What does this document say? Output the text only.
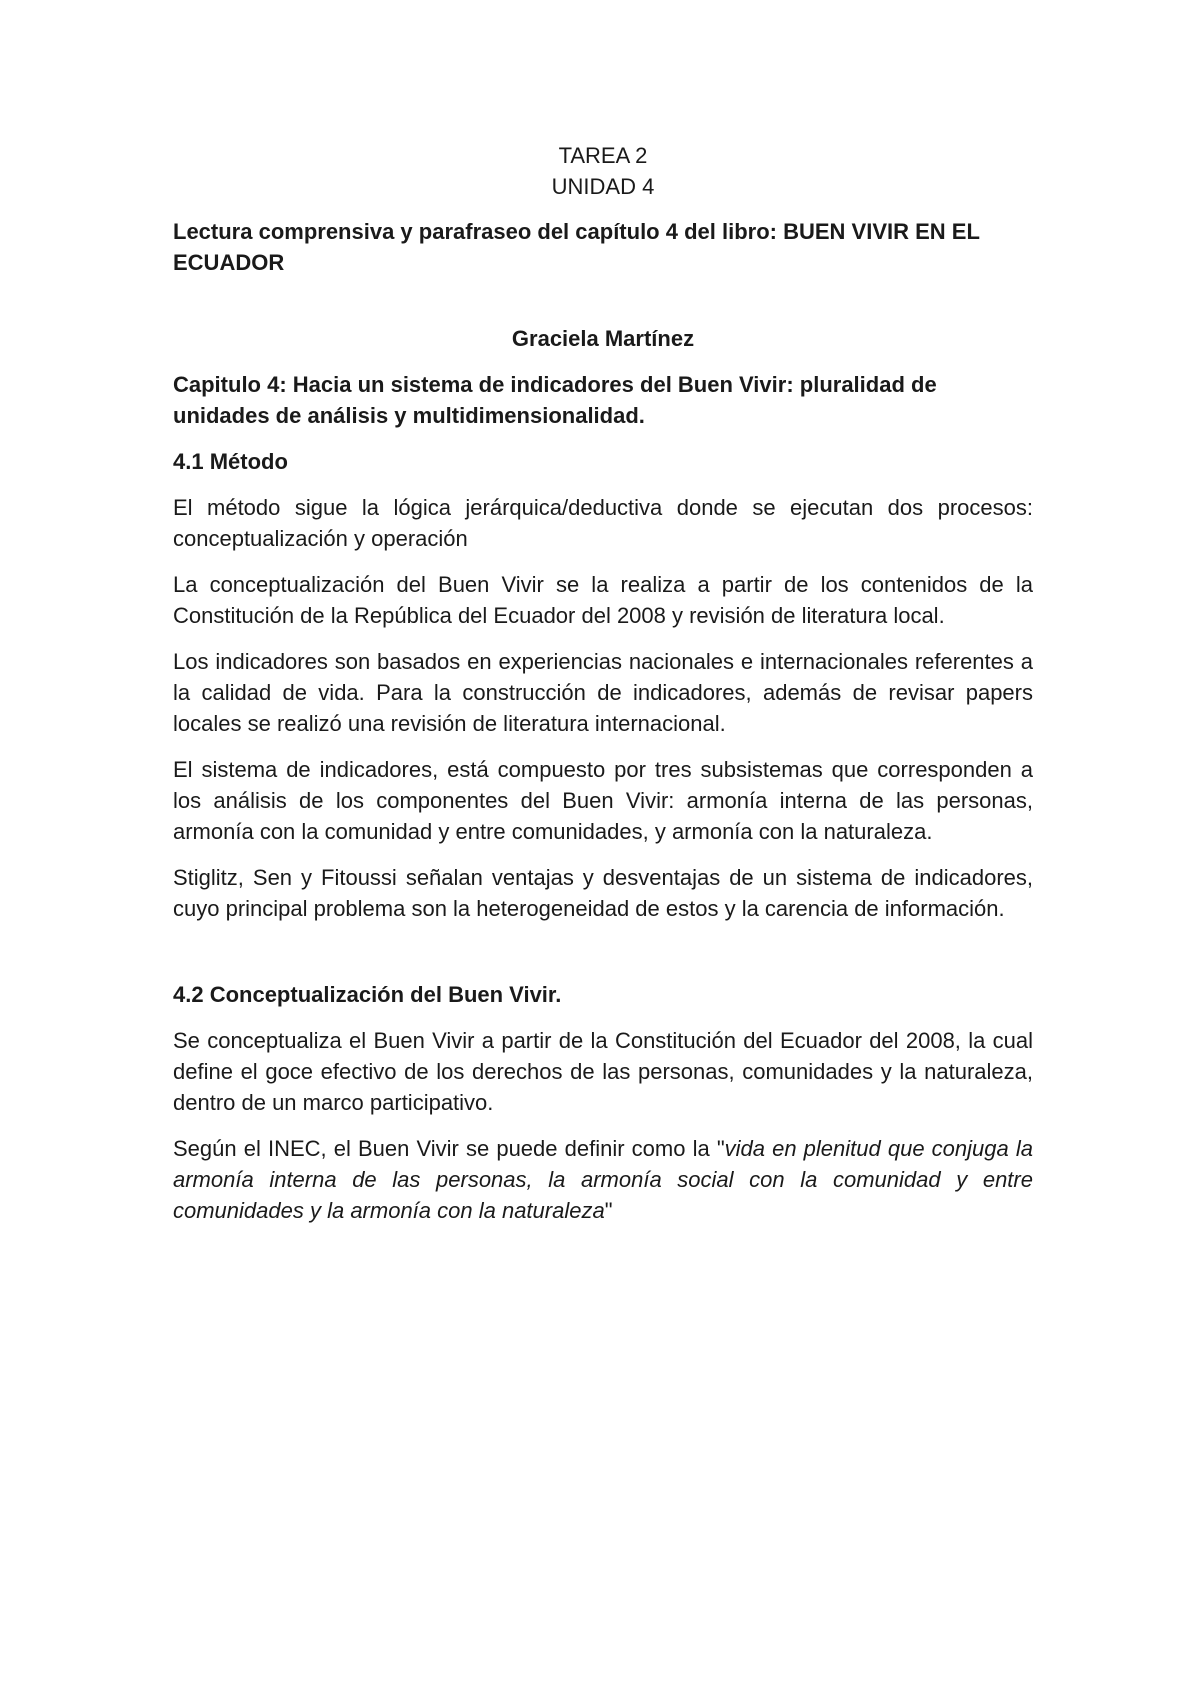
TAREA 2

UNIDAD 4

Lectura comprensiva y parafraseo del capítulo 4 del libro: BUEN VIVIR EN EL ECUADOR

Graciela Martínez

Capitulo 4: Hacia un sistema de indicadores del Buen Vivir: pluralidad de unidades de análisis y multidimensionalidad.

4.1 Método

El método sigue la lógica jerárquica/deductiva donde se ejecutan dos procesos: conceptualización y operación

La conceptualización del Buen Vivir se la realiza a partir de los contenidos de la Constitución de la República del Ecuador del 2008 y revisión de literatura local.

Los indicadores son basados en experiencias nacionales e internacionales referentes a la calidad de vida. Para la construcción de indicadores, además de revisar papers locales se realizó una revisión de literatura internacional.

El sistema de indicadores, está compuesto por tres subsistemas que corresponden a los análisis de los componentes del Buen Vivir: armonía interna de las personas, armonía con la comunidad y entre comunidades, y armonía con la naturaleza.

Stiglitz, Sen y Fitoussi señalan ventajas y desventajas de un sistema de indicadores, cuyo principal problema son la heterogeneidad de estos y la carencia de información.

4.2 Conceptualización del Buen Vivir.

Se conceptualiza el Buen Vivir a partir de la Constitución del Ecuador del 2008, la cual define el goce efectivo de los derechos de las personas, comunidades y la naturaleza, dentro de un marco participativo.

Según el INEC, el Buen Vivir se puede definir como la "vida en plenitud que conjuga la armonía interna de las personas, la armonía social con la comunidad y entre comunidades y la armonía con la naturaleza"
